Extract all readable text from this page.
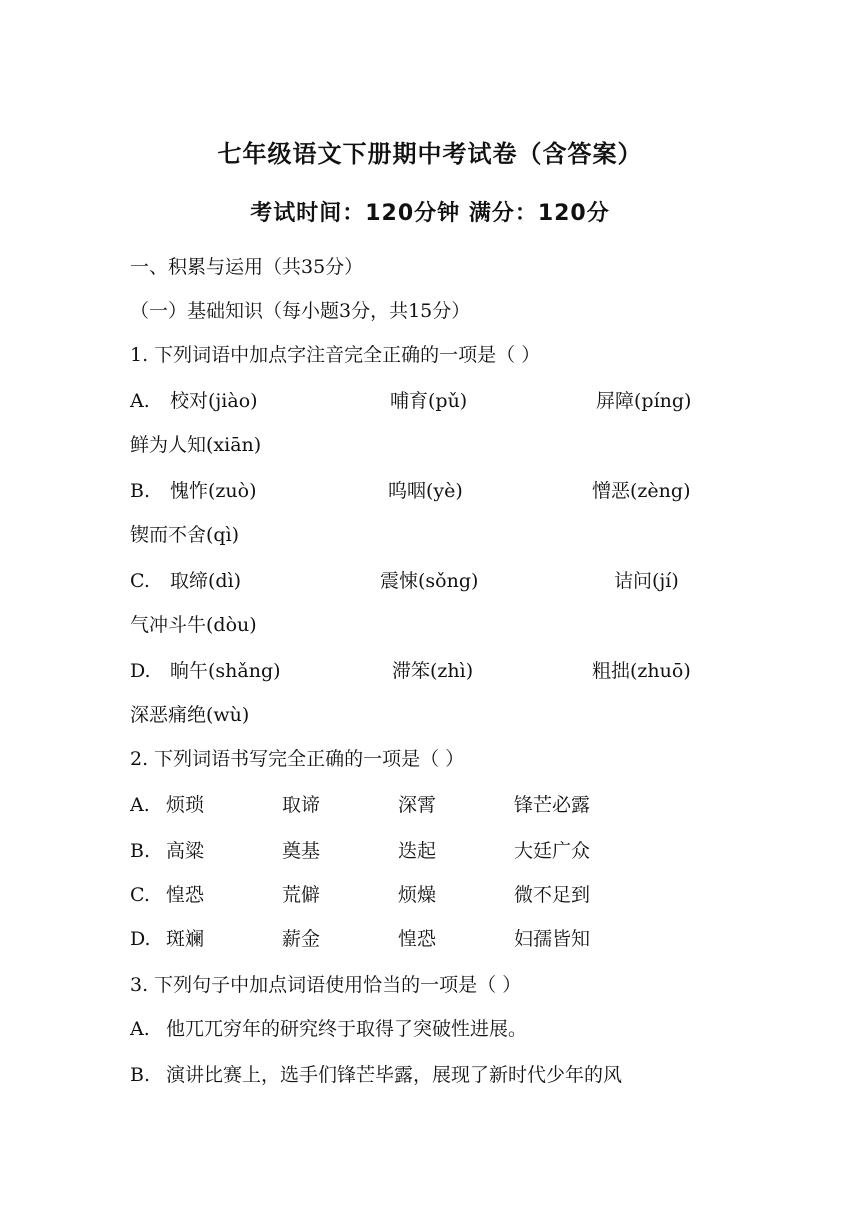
七年级语文下册期中考试卷（含答案）
考试时间：120分钟 满分：120分
一、积累与运用（共35分）
（一）基础知识（每小题3分，共15分）
1. 下列词语中加点字注音完全正确的一项是（ ）
A. 校对(jiào)	哺育(pǔ)	屏障(píng)
鲜为人知(xiān)
B. 愧怍(zuò)	呜咽(yè)	憎恶(zèng)
锲而不舍(qì)
C. 取缔(dì)	震悚(sǒng)	诘问(jí)
气冲斗牛(dòu)
D. 晌午(shǎng)	滞笨(zhì)	粗拙(zhuō)
深恶痛绝(wù)
2. 下列词语书写完全正确的一项是（ ）
A. 烦琐	取谛	深霄	锋芒必露
B. 高粱	奠基	迭起	大廷广众
C. 惶恐	荒僻	烦燥	微不足到
D. 斑斓	薪金	惶恐	妇孺皆知
3. 下列句子中加点词语使用恰当的一项是（ ）
A. 他兀兀穷年的研究终于取得了突破性进展。
B. 演讲比赛上，选手们锋芒毕露，展现了新时代少年的风
